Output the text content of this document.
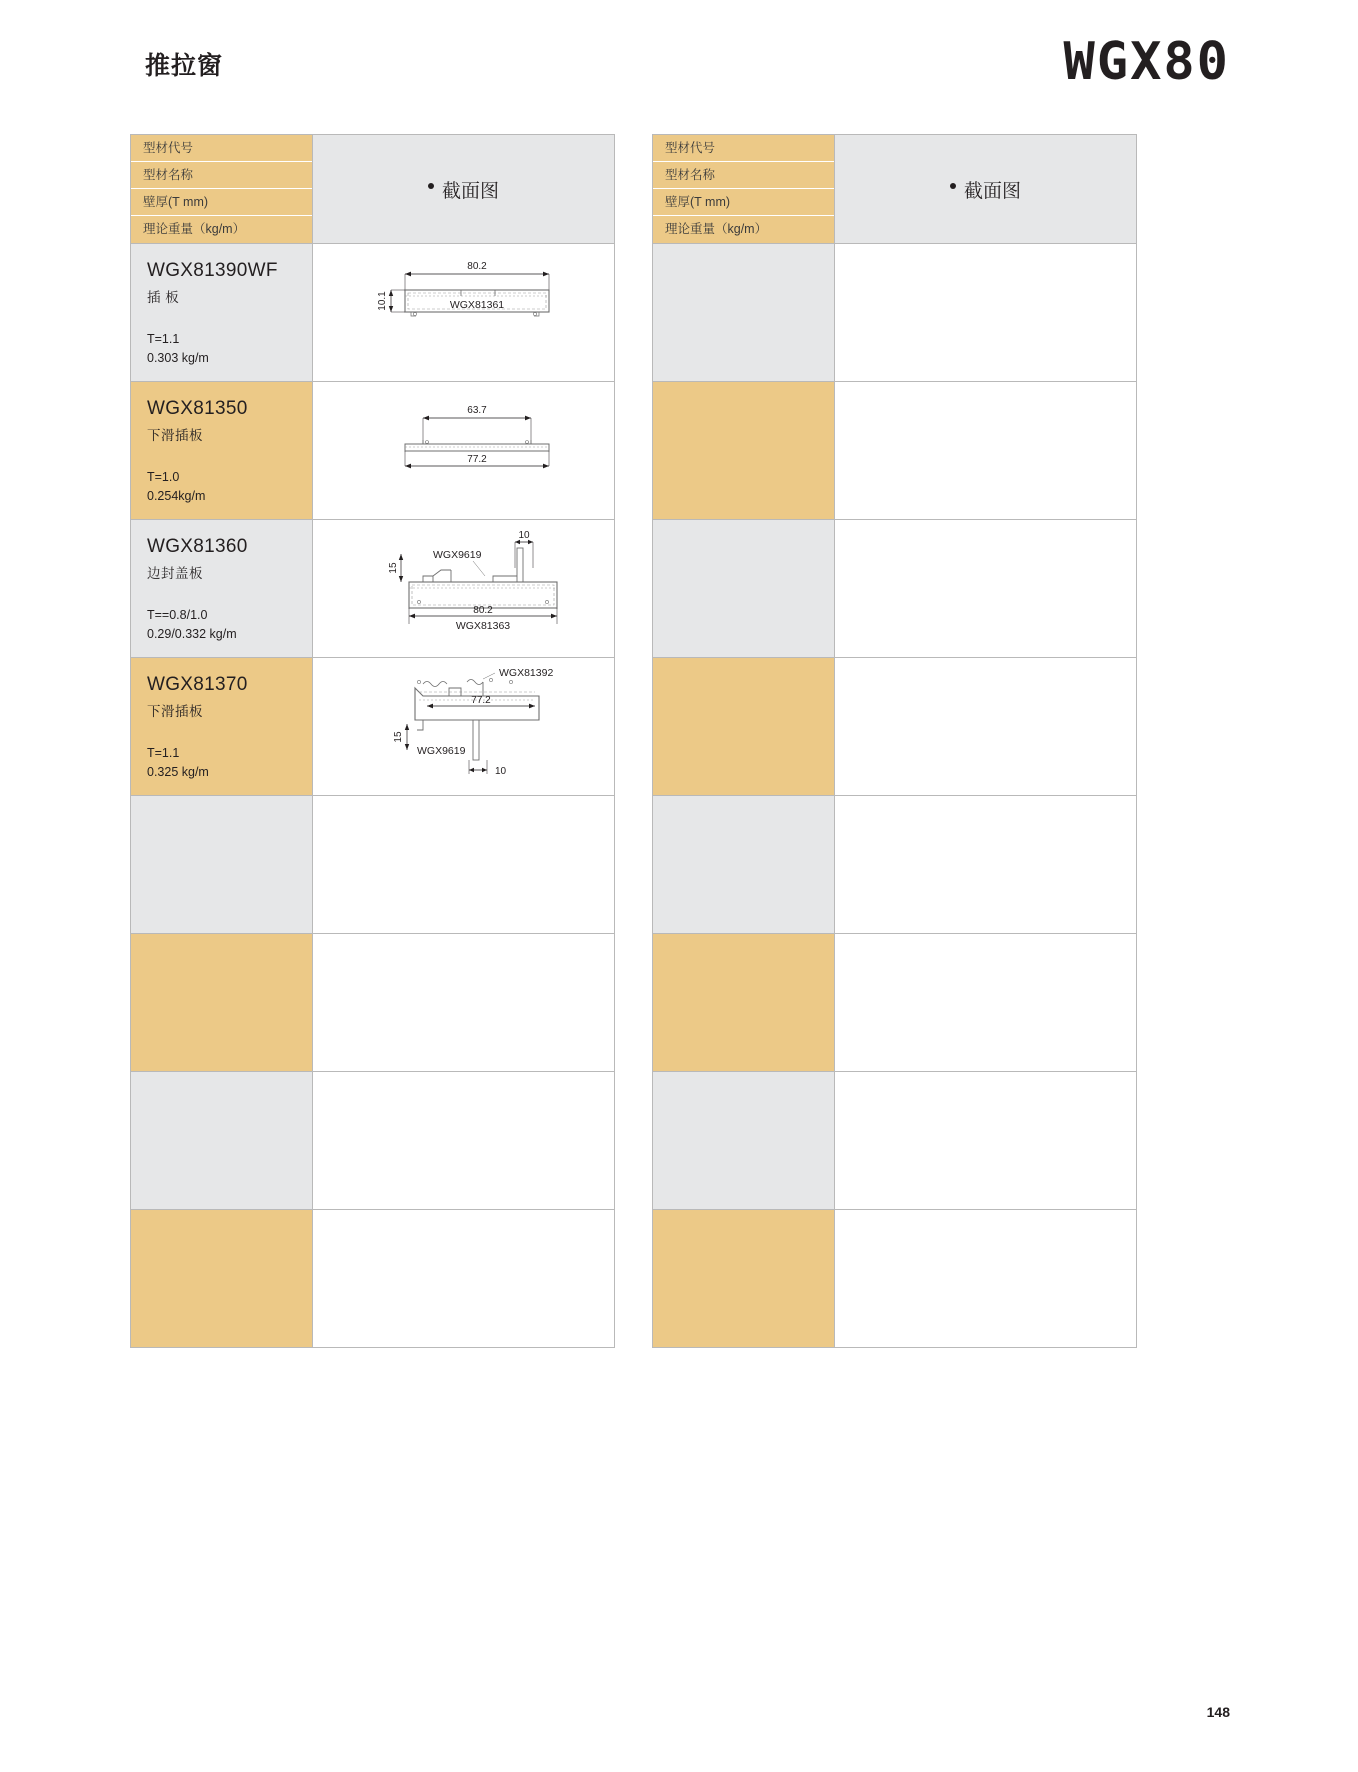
推拉窗	WGX80
型材代号
型材名称
壁厚(T mm)
理论重量（kg/m）
截面图
WGX81390WF
插 板
T=1.1
0.303 kg/m
80.2
10.1	WGX81361
WGX81350
下滑插板
T=1.0
0.254kg/m
63.7
77.2
WGX81360
边封盖板
T==0.8/1.0
0.29/0.332 kg/m
10
15
WGX9619
80.2
WGX81363
WGX81370
下滑插板
T=1.1
0.325 kg/m
WGX81392
77.2
15
WGX9619
10
型材代号
型材名称
壁厚(T mm)
理论重量（kg/m）
截面图
148
